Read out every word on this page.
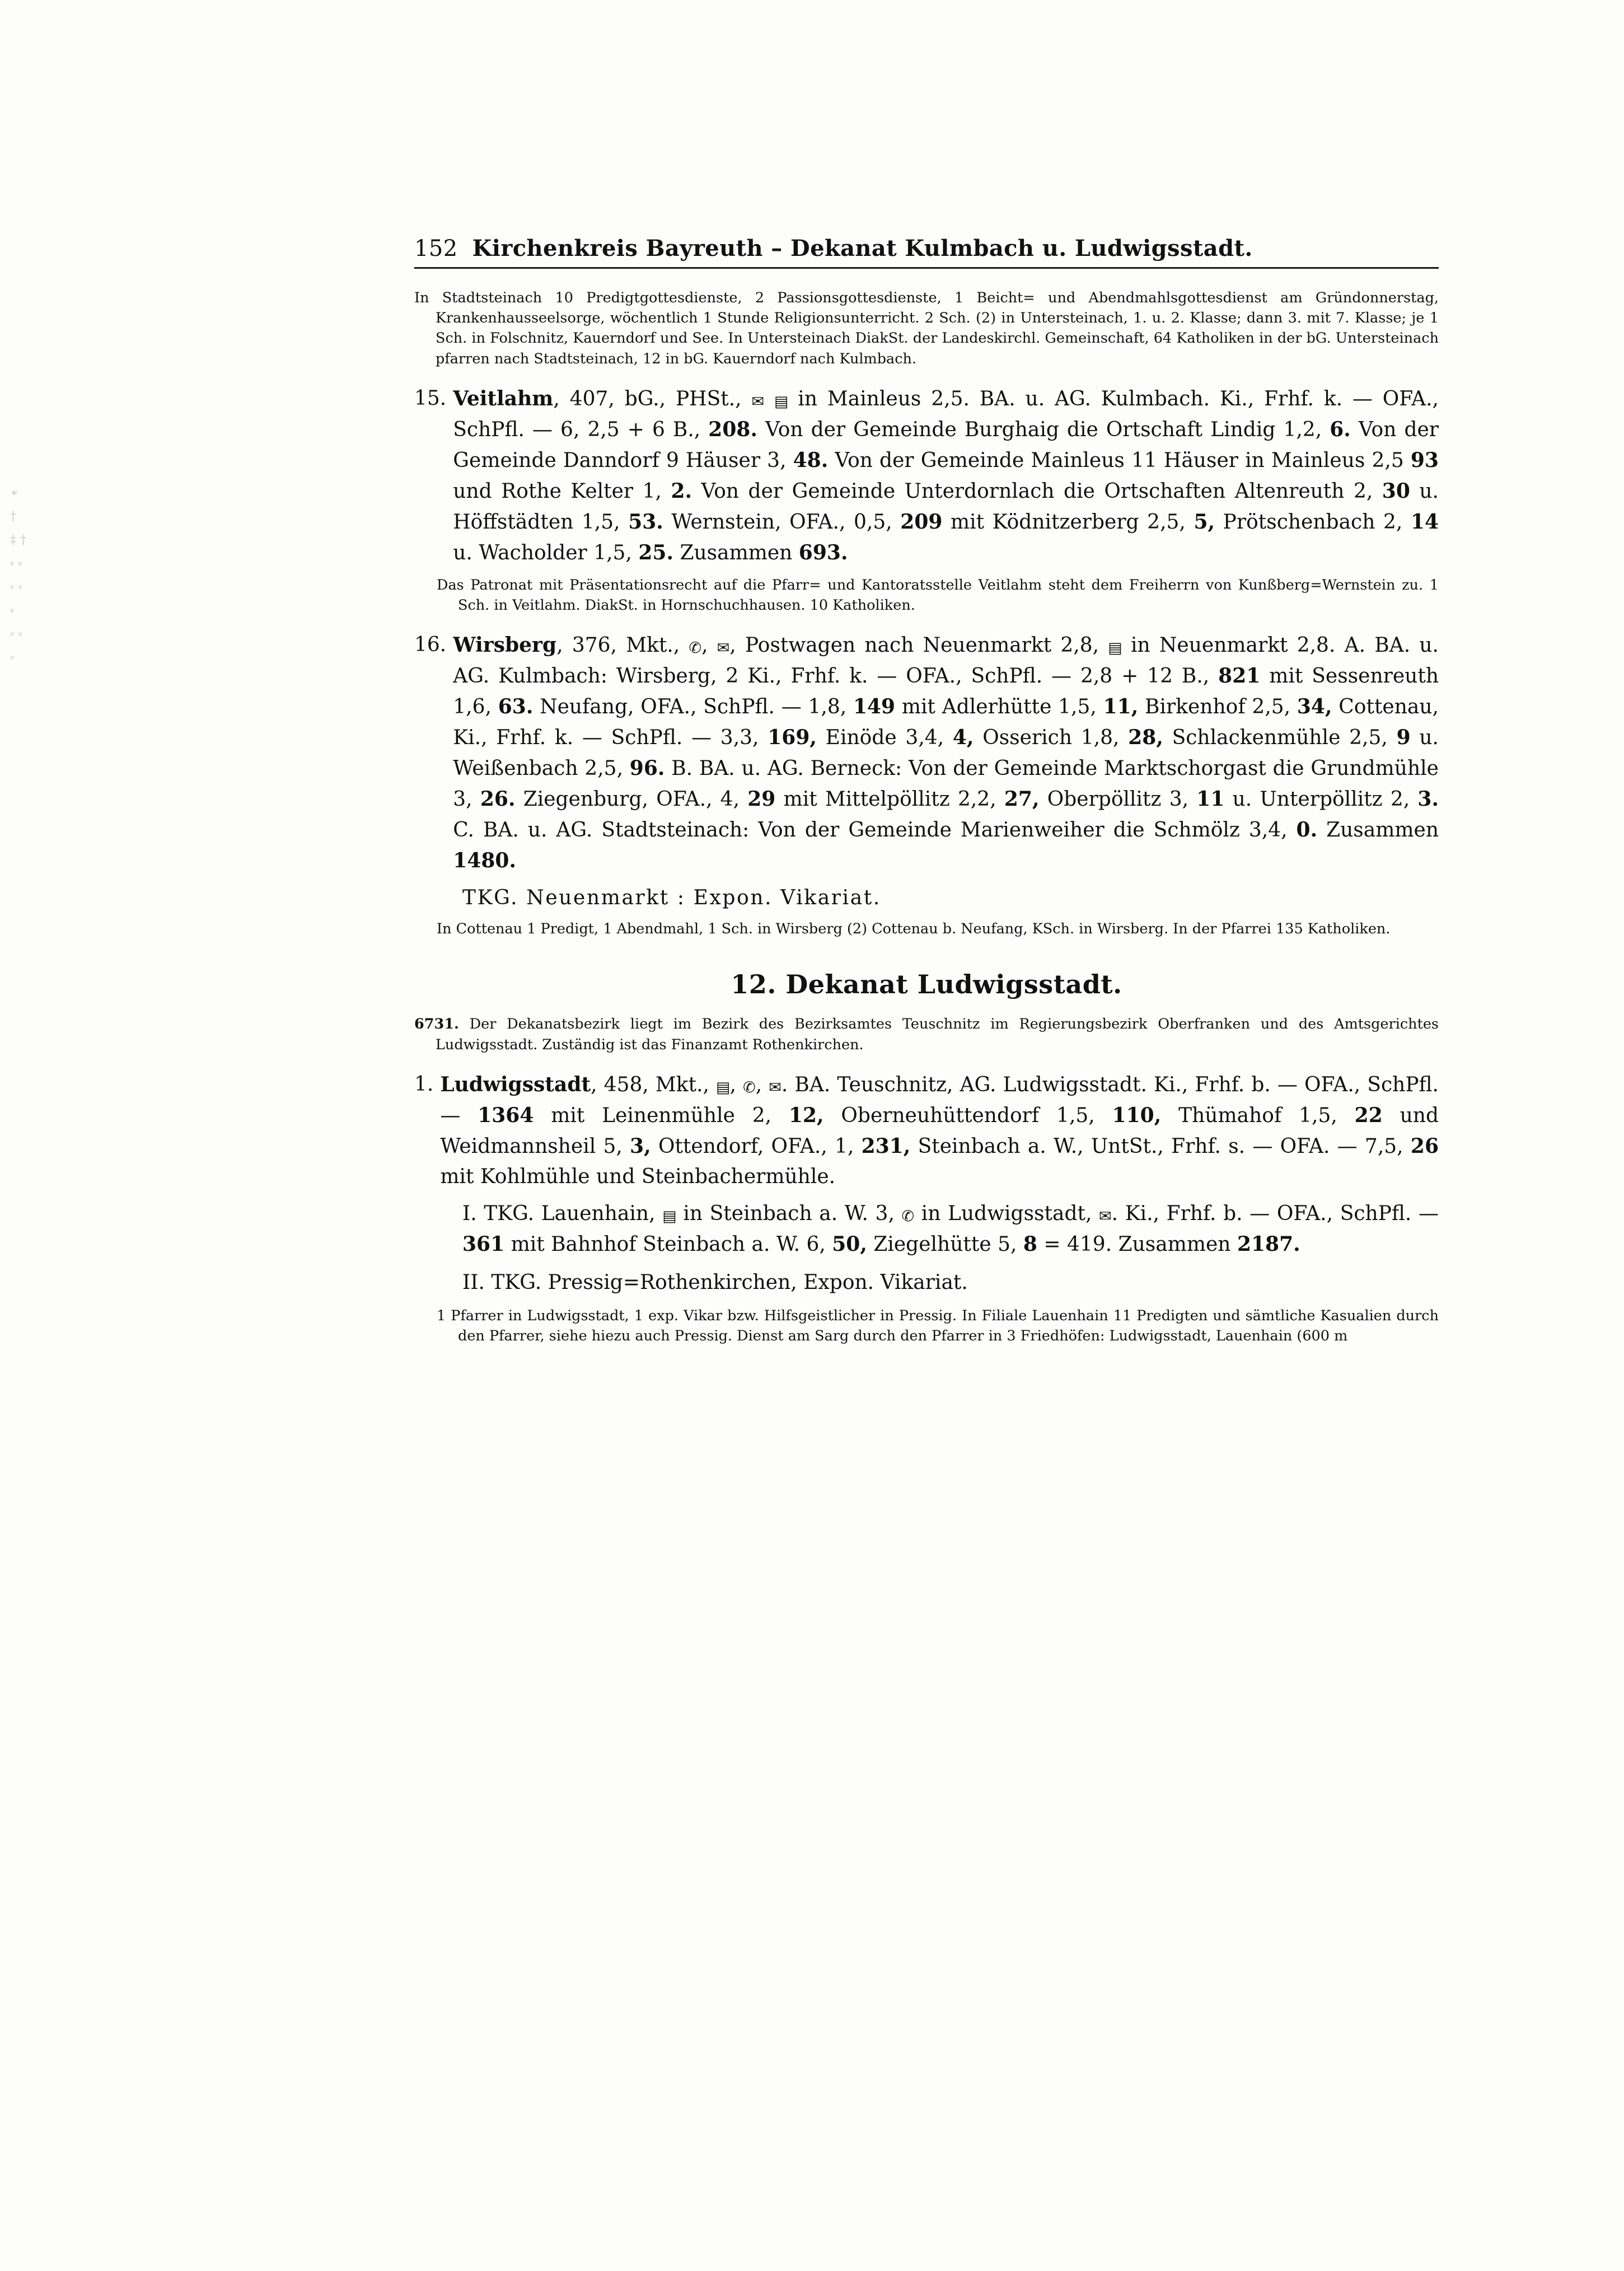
∗
†
‡ †
⸗ ⸗
⸗ ⸗
⸗
⸗ ⸗
⸗
152 Kirchenkreis Bayreuth – Dekanat Kulmbach u. Ludwigsstadt.

In Stadtsteinach 10 Predigtgottesdienste, 2 Passionsgottesdienste, 1 Beicht= und Abendmahlsgottesdienst am Gründonnerstag, Krankenhausseelsorge, wöchentlich 1 Stunde Religionsunterricht. 2 Sch. (2) in Untersteinach, 1. u. 2. Klasse; dann 3. mit 7. Klasse; je 1 Sch. in Folschnitz, Kauerndorf und See. In Untersteinach DiakSt. der Landeskirchl. Gemeinschaft, 64 Katholiken in der bG. Untersteinach pfarren nach Stadtsteinach, 12 in bG. Kauerndorf nach Kulmbach.

15. Veitlahm, 407, bG., PHSt., ✉ ▤ in Mainleus 2,5. BA. u. AG. Kulmbach. Ki., Frhf. k. — OFA., SchPfl. — 6, 2,5 + 6 B., 208. Von der Gemeinde Burghaig die Ortschaft Lindig 1,2, 6. Von der Gemeinde Danndorf 9 Häuser 3, 48. Von der Gemeinde Mainleus 11 Häuser in Mainleus 2,5 93 und Rothe Kelter 1, 2. Von der Gemeinde Unterdornlach die Ortschaften Altenreuth 2, 30 u. Höffstädten 1,5, 53. Wernstein, OFA., 0,5, 209 mit Ködnitzerberg 2,5, 5, Prötschenbach 2, 14 u. Wacholder 1,5, 25. Zusammen 693.

Das Patronat mit Präsentationsrecht auf die Pfarr= und Kantoratsstelle Veitlahm steht dem Freiherrn von Kunßberg=Wernstein zu. 1 Sch. in Veitlahm. DiakSt. in Hornschuchhausen. 10 Katholiken.

16. Wirsberg, 376, Mkt., ✆, ✉, Postwagen nach Neuenmarkt 2,8, ▤ in Neuenmarkt 2,8. A. BA. u. AG. Kulmbach: Wirsberg, 2 Ki., Frhf. k. — OFA., SchPfl. — 2,8 + 12 B., 821 mit Sessenreuth 1,6, 63. Neufang, OFA., SchPfl. — 1,8, 149 mit Adlerhütte 1,5, 11, Birkenhof 2,5, 34, Cottenau, Ki., Frhf. k. — SchPfl. — 3,3, 169, Einöde 3,4, 4, Osserich 1,8, 28, Schlackenmühle 2,5, 9 u. Weißenbach 2,5, 96. B. BA. u. AG. Berneck: Von der Gemeinde Marktschorgast die Grundmühle 3, 26. Ziegenburg, OFA., 4, 29 mit Mittelpöllitz 2,2, 27, Oberpöllitz 3, 11 u. Unterpöllitz 2, 3. C. BA. u. AG. Stadtsteinach: Von der Gemeinde Marienweiher die Schmölz 3,4, 0. Zusammen 1480.
TKG. Neuenmarkt : Expon. Vikariat.

In Cottenau 1 Predigt, 1 Abendmahl, 1 Sch. in Wirsberg (2) Cottenau b. Neufang, KSch. in Wirsberg. In der Pfarrei 135 Katholiken.

12. Dekanat Ludwigsstadt.

6731. Der Dekanatsbezirk liegt im Bezirk des Bezirksamtes Teuschnitz im Regierungsbezirk Oberfranken und des Amtsgerichtes Ludwigsstadt. Zuständig ist das Finanzamt Rothenkirchen.

1. Ludwigsstadt, 458, Mkt., ▤, ✆, ✉. BA. Teuschnitz, AG. Ludwigsstadt. Ki., Frhf. b. — OFA., SchPfl. — 1364 mit Leinenmühle 2, 12, Oberneuhüttendorf 1,5, 110, Thümahof 1,5, 22 und Weidmannsheil 5, 3, Ottendorf, OFA., 1, 231, Steinbach a. W., UntSt., Frhf. s. — OFA. — 7,5, 26 mit Kohlmühle und Steinbachermühle.

I. TKG. Lauenhain, ▤ in Steinbach a. W. 3, ✆ in Ludwigsstadt, ✉. Ki., Frhf. b. — OFA., SchPfl. — 361 mit Bahnhof Steinbach a. W. 6, 50, Ziegelhütte 5, 8 = 419. Zusammen 2187.

II. TKG. Pressig=Rothenkirchen, Expon. Vikariat.

1 Pfarrer in Ludwigsstadt, 1 exp. Vikar bzw. Hilfsgeistlicher in Pressig. In Filiale Lauenhain 11 Predigten und sämtliche Kasualien durch den Pfarrer, siehe hiezu auch Pressig. Dienst am Sarg durch den Pfarrer in 3 Friedhöfen: Ludwigsstadt, Lauenhain (600 m
